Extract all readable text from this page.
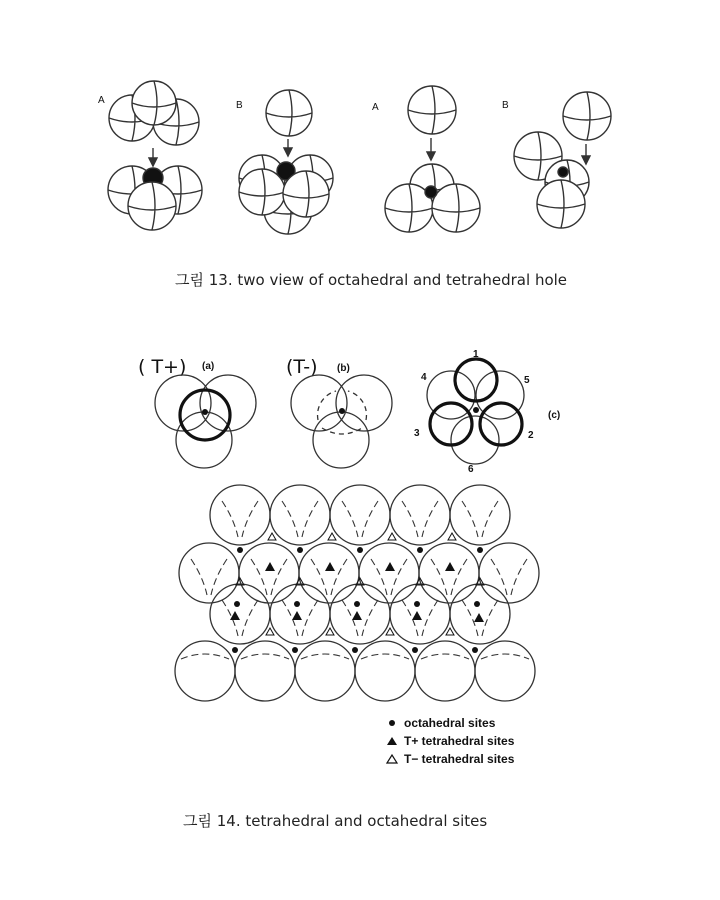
A	B	A	B
( T+) (a)	(T-) (b)
(c)
1
2
3
4	5
6
octahedral sites
T+ tetrahedral sites
T− tetrahedral sites
그림 13. two view of octahedral and tetrahedral hole
그림 14. tetrahedral and octahedral sites
